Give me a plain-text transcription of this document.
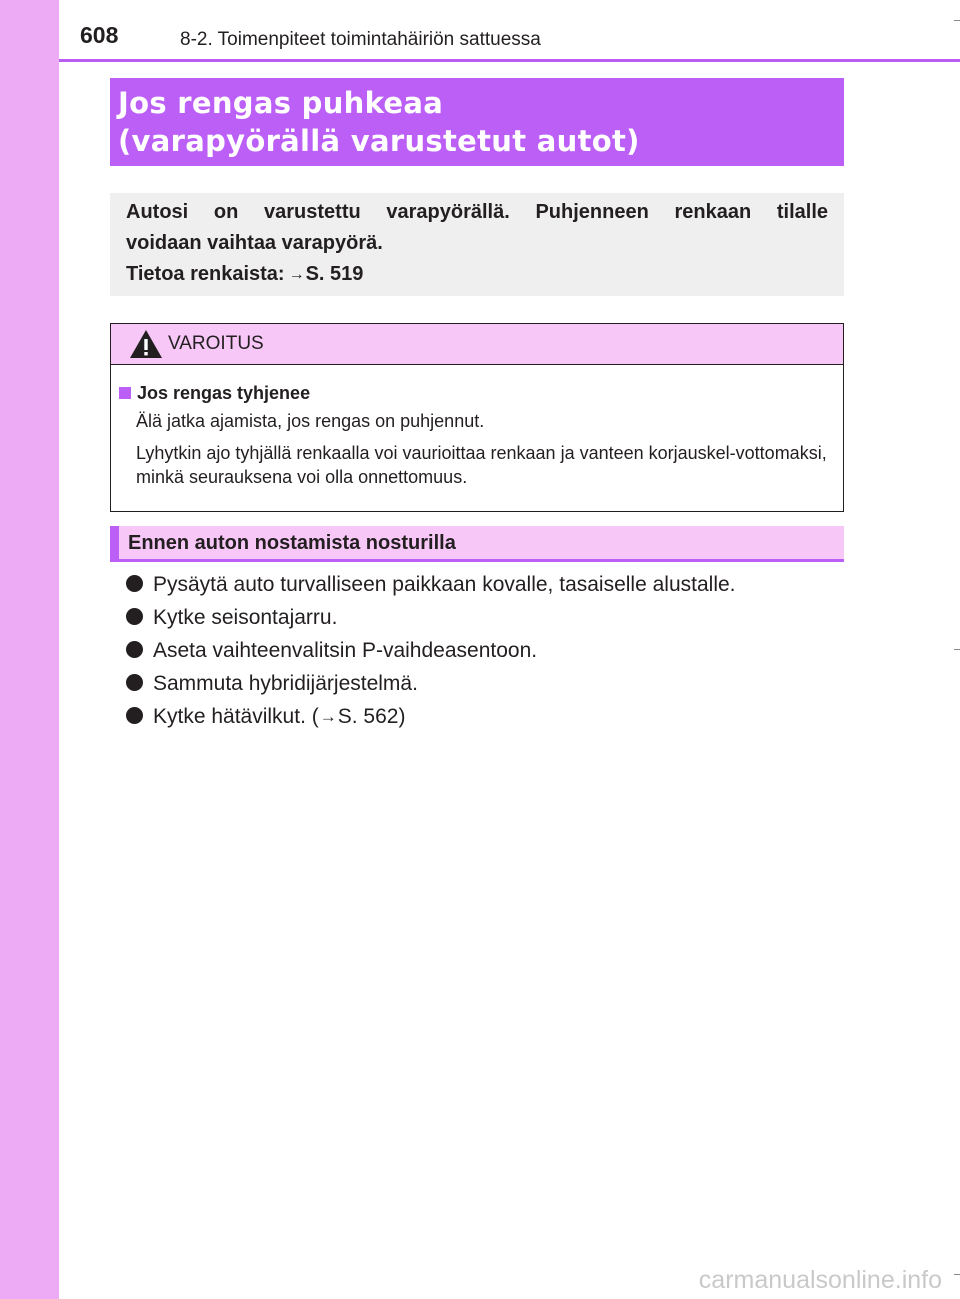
608	8-2. Toimenpiteet toimintahäiriön sattuessa
Jos rengas puhkeaa
(varapyörällä varustetut autot)
Autosi on varustettu varapyörällä. Puhjenneen renkaan tilalle
voidaan vaihtaa varapyörä.
Tietoa renkaista: →S. 519
VAROITUS
Jos rengas tyhjenee
Älä jatka ajamista, jos rengas on puhjennut.
Lyhytkin ajo tyhjällä renkaalla voi vaurioittaa renkaan ja vanteen korjauskel-vottomaksi, minkä seurauksena voi olla onnettomuus.
Ennen auton nostamista nosturilla
Pysäytä auto turvalliseen paikkaan kovalle, tasaiselle alustalle.
Kytke seisontajarru.
Aseta vaihteenvalitsin P-vaihdeasentoon.
Sammuta hybridijärjestelmä.
Kytke hätävilkut. (→S. 562)
carmanualsonline.info
